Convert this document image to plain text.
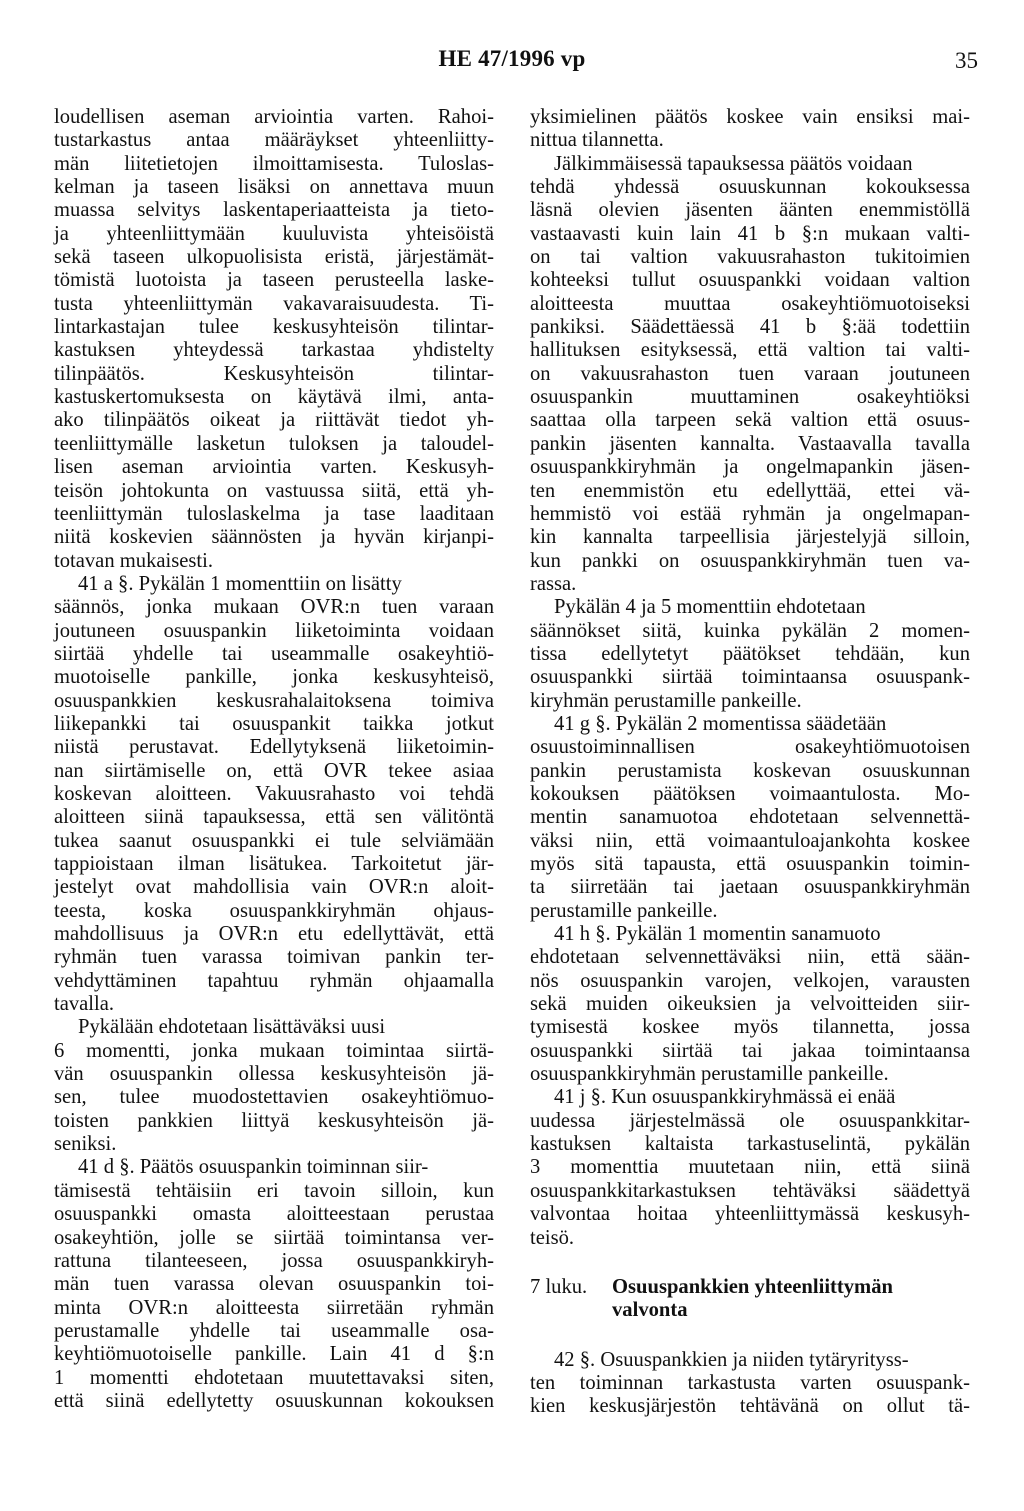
HE 47/1996 vp	35
loudellisen aseman arviointia varten. Rahoi-
tustarkastus antaa määräykset yhteenliitty-
män liitetietojen ilmoittamisesta. Tuloslas-
kelman ja taseen lisäksi on annettava muun
muassa selvitys laskentaperiaatteista ja tieto-
ja yhteenliittymään kuuluvista yhteisöistä
sekä taseen ulkopuolisista eristä, järjestämät-
tömistä luotoista ja taseen perusteella laske-
tusta yhteenliittymän vakavaraisuudesta. Ti-
lintarkastajan tulee keskusyhteisön tilintar-
kastuksen yhteydessä tarkastaa yhdistelty
tilinpäätös. Keskusyhteisön tilintar-
kastuskertomuksesta on käytävä ilmi, anta-
ako tilinpäätös oikeat ja riittävät tiedot yh-
teenliittymälle lasketun tuloksen ja taloudel-
lisen aseman arviointia varten. Keskusyh-
teisön johtokunta on vastuussa siitä, että yh-
teenliittymän tuloslaskelma ja tase laaditaan
niitä koskevien säännösten ja hyvän kirjanpi-
totavan mukaisesti.
41 a §. Pykälän 1 momenttiin on lisätty
säännös, jonka mukaan OVR:n tuen varaan
joutuneen osuuspankin liiketoiminta voidaan
siirtää yhdelle tai useammalle osakeyhtiö-
muotoiselle pankille, jonka keskusyhteisö,
osuuspankkien keskusrahalaitoksena toimiva
liikepankki tai osuuspankit taikka jotkut
niistä perustavat. Edellytyksenä liiketoimin-
nan siirtämiselle on, että OVR tekee asiaa
koskevan aloitteen. Vakuusrahasto voi tehdä
aloitteen siinä tapauksessa, että sen välitöntä
tukea saanut osuuspankki ei tule selviämään
tappioistaan ilman lisätukea. Tarkoitetut jär-
jestelyt ovat mahdollisia vain OVR:n aloit-
teesta, koska osuuspankkiryhmän ohjaus-
mahdollisuus ja OVR:n etu edellyttävät, että
ryhmän tuen varassa toimivan pankin ter-
vehdyttäminen tapahtuu ryhmän ohjaamalla
tavalla.
Pykälään ehdotetaan lisättäväksi uusi
6 momentti, jonka mukaan toimintaa siirtä-
vän osuuspankin ollessa keskusyhteisön jä-
sen, tulee muodostettavien osakeyhtiömuo-
toisten pankkien liittyä keskusyhteisön jä-
seniksi.
41 d §. Päätös osuuspankin toiminnan siir-
tämisestä tehtäisiin eri tavoin silloin, kun
osuuspankki omasta aloitteestaan perustaa
osakeyhtiön, jolle se siirtää toimintansa ver-
rattuna tilanteeseen, jossa osuuspankkiryh-
män tuen varassa olevan osuuspankin toi-
minta OVR:n aloitteesta siirretään ryhmän
perustamalle yhdelle tai useammalle osa-
keyhtiömuotoiselle pankille. Lain 41 d §:n
1 momentti ehdotetaan muutettavaksi siten,
että siinä edellytetty osuuskunnan kokouksen
yksimielinen päätös koskee vain ensiksi mai-
nittua tilannetta.
Jälkimmäisessä tapauksessa päätös voidaan
tehdä yhdessä osuuskunnan kokouksessa
läsnä olevien jäsenten äänten enemmistöllä
vastaavasti kuin lain 41 b §:n mukaan valti-
on tai valtion vakuusrahaston tukitoimien
kohteeksi tullut osuuspankki voidaan valtion
aloitteesta muuttaa osakeyhtiömuotoiseksi
pankiksi. Säädettäessä 41 b §:ää todettiin
hallituksen esityksessä, että valtion tai valti-
on vakuusrahaston tuen varaan joutuneen
osuuspankin muuttaminen osakeyhtiöksi
saattaa olla tarpeen sekä valtion että osuus-
pankin jäsenten kannalta. Vastaavalla tavalla
osuuspankkiryhmän ja ongelmapankin jäsen-
ten enemmistön etu edellyttää, ettei vä-
hemmistö voi estää ryhmän ja ongelmapan-
kin kannalta tarpeellisia järjestelyjä silloin,
kun pankki on osuuspankkiryhmän tuen va-
rassa.
Pykälän 4 ja 5 momenttiin ehdotetaan
säännökset siitä, kuinka pykälän 2 momen-
tissa edellytetyt päätökset tehdään, kun
osuuspankki siirtää toimintaansa osuuspank-
kiryhmän perustamille pankeille.
41 g §. Pykälän 2 momentissa säädetään
osuustoiminnallisen osakeyhtiömuotoisen
pankin perustamista koskevan osuuskunnan
kokouksen päätöksen voimaantulosta. Mo-
mentin sanamuotoa ehdotetaan selvennettä-
väksi niin, että voimaantuloajankohta koskee
myös sitä tapausta, että osuuspankin toimin-
ta siirretään tai jaetaan osuuspankkiryhmän
perustamille pankeille.
41 h §. Pykälän 1 momentin sanamuoto
ehdotetaan selvennettäväksi niin, että sään-
nös osuuspankin varojen, velkojen, varausten
sekä muiden oikeuksien ja velvoitteiden siir-
tymisestä koskee myös tilannetta, jossa
osuuspankki siirtää tai jakaa toimintaansa
osuuspankkiryhmän perustamille pankeille.
41 j §. Kun osuuspankkiryhmässä ei enää
uudessa järjestelmässä ole osuuspankkitar-
kastuksen kaltaista tarkastuselintä, pykälän
3 momenttia muutetaan niin, että siinä
osuuspankkitarkastuksen tehtäväksi säädettyä
valvontaa hoitaa yhteenliittymässä keskusyh-
teisö.
7 luku.	Osuuspankkien yhteenliittymän
valvonta
42 §. Osuuspankkien ja niiden tytäryrityss-
ten toiminnan tarkastusta varten osuuspank-
kien keskusjärjestön tehtävänä on ollut tä-
